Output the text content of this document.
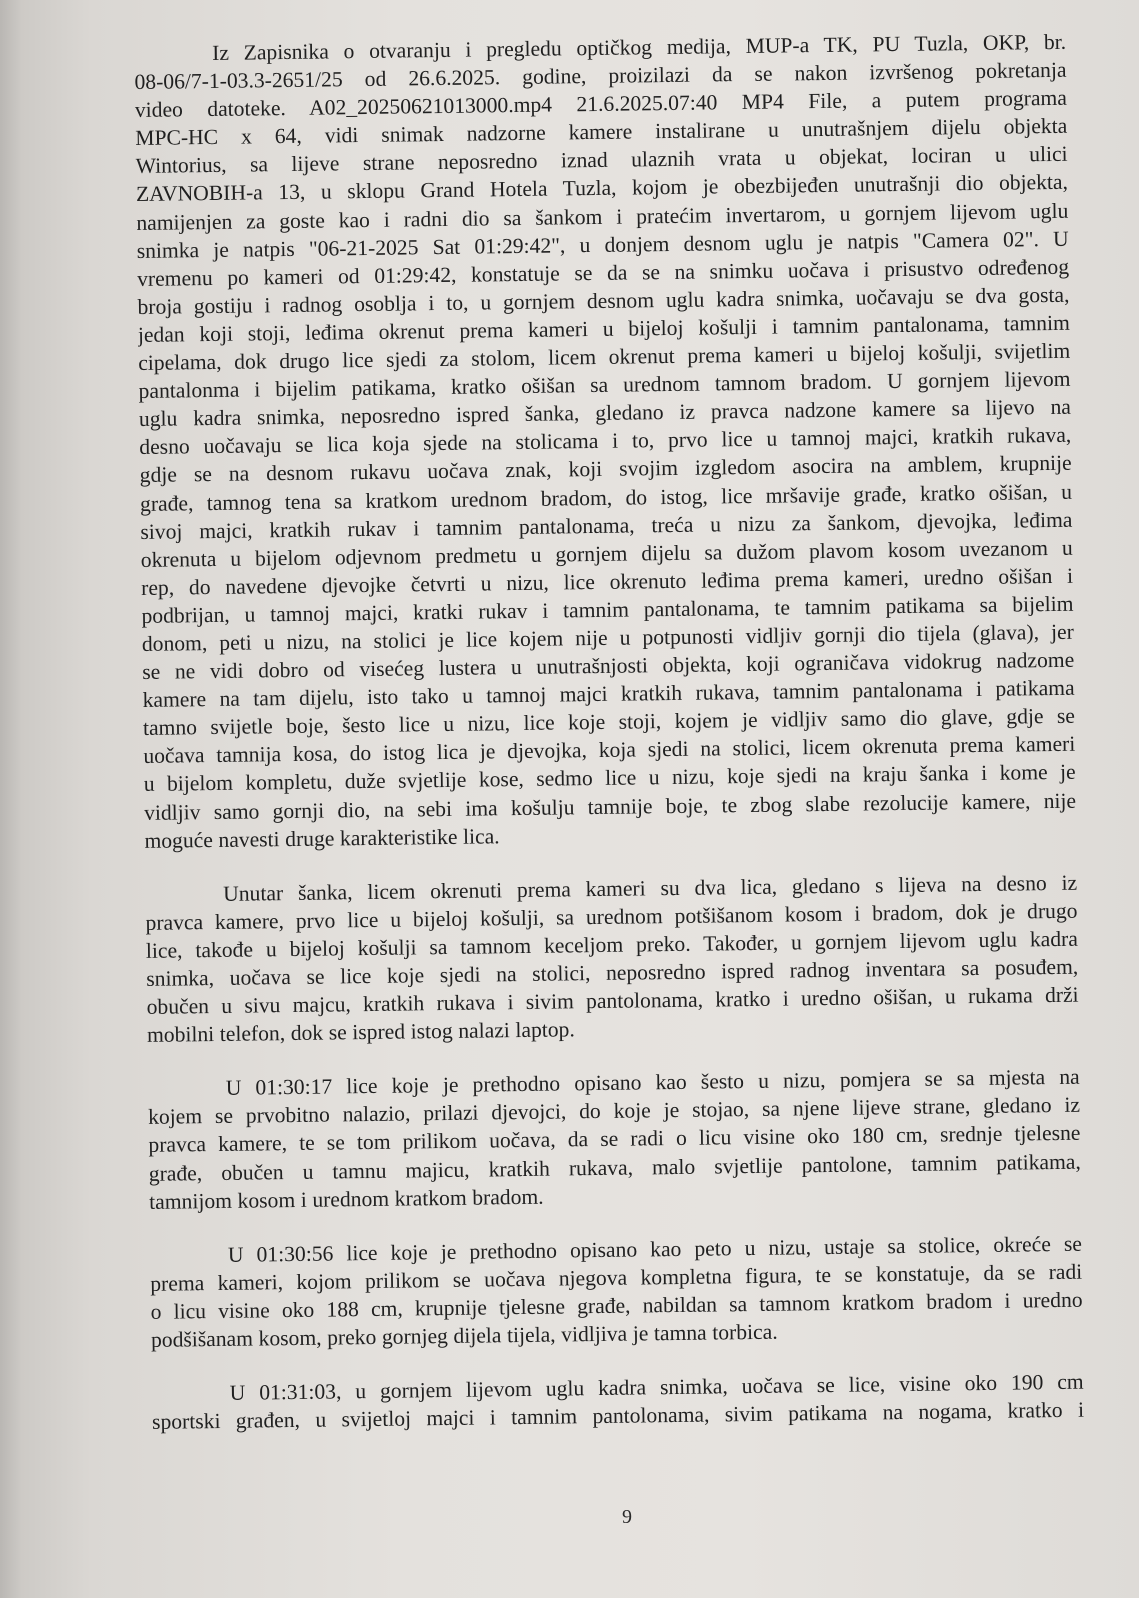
Iz Zapisnika o otvaranju i pregledu optičkog medija, MUP-a TK, PU Tuzla, OKP, br.
08-06/7-1-03.3-2651/25 od 26.6.2025. godine, proizilazi da se nakon izvršenog pokretanja
video datoteke. A02_20250621013000.mp4 21.6.2025.07:40 MP4 File, a putem programa
MPC-HC x 64, vidi snimak nadzorne kamere instalirane u unutrašnjem dijelu objekta
Wintorius, sa lijeve strane neposredno iznad ulaznih vrata u objekat, lociran u ulici
ZAVNOBIH-a 13, u sklopu Grand Hotela Tuzla, kojom je obezbijeđen unutrašnji dio objekta,
namijenjen za goste kao i radni dio sa šankom i pratećim invertarom, u gornjem lijevom uglu
snimka je natpis "06-21-2025 Sat 01:29:42", u donjem desnom uglu je natpis "Camera 02". U
vremenu po kameri od 01:29:42, konstatuje se da se na snimku uočava i prisustvo određenog
broja gostiju i radnog osoblja i to, u gornjem desnom uglu kadra snimka, uočavaju se dva gosta,
jedan koji stoji, leđima okrenut prema kameri u bijeloj košulji i tamnim pantalonama, tamnim
cipelama, dok drugo lice sjedi za stolom, licem okrenut prema kameri u bijeloj košulji, svijetlim
pantalonma i bijelim patikama, kratko ošišan sa urednom tamnom bradom. U gornjem lijevom
uglu kadra snimka, neposredno ispred šanka, gledano iz pravca nadzone kamere sa lijevo na
desno uočavaju se lica koja sjede na stolicama i to, prvo lice u tamnoj majci, kratkih rukava,
gdje se na desnom rukavu uočava znak, koji svojim izgledom asocira na amblem, krupnije
građe, tamnog tena sa kratkom urednom bradom, do istog, lice mršavije građe, kratko ošišan, u
sivoj majci, kratkih rukav i tamnim pantalonama, treća u nizu za šankom, djevojka, leđima
okrenuta u bijelom odjevnom predmetu u gornjem dijelu sa dužom plavom kosom uvezanom u
rep, do navedene djevojke četvrti u nizu, lice okrenuto leđima prema kameri, uredno ošišan i
podbrijan, u tamnoj majci, kratki rukav i tamnim pantalonama, te tamnim patikama sa bijelim
donom, peti u nizu, na stolici je lice kojem nije u potpunosti vidljiv gornji dio tijela (glava), jer
se ne vidi dobro od visećeg lustera u unutrašnjosti objekta, koji ograničava vidokrug nadzome
kamere na tam dijelu, isto tako u tamnoj majci kratkih rukava, tamnim pantalonama i patikama
tamno svijetle boje, šesto lice u nizu, lice koje stoji, kojem je vidljiv samo dio glave, gdje se
uočava tamnija kosa, do istog lica je djevojka, koja sjedi na stolici, licem okrenuta prema kameri
u bijelom kompletu, duže svjetlije kose, sedmo lice u nizu, koje sjedi na kraju šanka i kome je
vidljiv samo gornji dio, na sebi ima košulju tamnije boje, te zbog slabe rezolucije kamere, nije
moguće navesti druge karakteristike lica.

Unutar šanka, licem okrenuti prema kameri su dva lica, gledano s lijeva na desno iz
pravca kamere, prvo lice u bijeloj košulji, sa urednom potšišanom kosom i bradom, dok je drugo
lice, takođe u bijeloj košulji sa tamnom keceljom preko. Također, u gornjem lijevom uglu kadra
snimka, uočava se lice koje sjedi na stolici, neposredno ispred radnog inventara sa posuđem,
obučen u sivu majcu, kratkih rukava i sivim pantolonama, kratko i uredno ošišan, u rukama drži
mobilni telefon, dok se ispred istog nalazi laptop.

U 01:30:17 lice koje je prethodno opisano kao šesto u nizu, pomjera se sa mjesta na
kojem se prvobitno nalazio, prilazi djevojci, do koje je stojao, sa njene lijeve strane, gledano iz
pravca kamere, te se tom prilikom uočava, da se radi o licu visine oko 180 cm, srednje tjelesne
građe, obučen u tamnu majicu, kratkih rukava, malo svjetlije pantolone, tamnim patikama,
tamnijom kosom i urednom kratkom bradom.

U 01:30:56 lice koje je prethodno opisano kao peto u nizu, ustaje sa stolice, okreće se
prema kameri, kojom prilikom se uočava njegova kompletna figura, te se konstatuje, da se radi
o licu visine oko 188 cm, krupnije tjelesne građe, nabildan sa tamnom kratkom bradom i uredno
podšišanam kosom, preko gornjeg dijela tijela, vidljiva je tamna torbica.

U 01:31:03, u gornjem lijevom uglu kadra snimka, uočava se lice, visine oko 190 cm
sportski građen, u svijetloj majci i tamnim pantolonama, sivim patikama na nogama, kratko i

9
